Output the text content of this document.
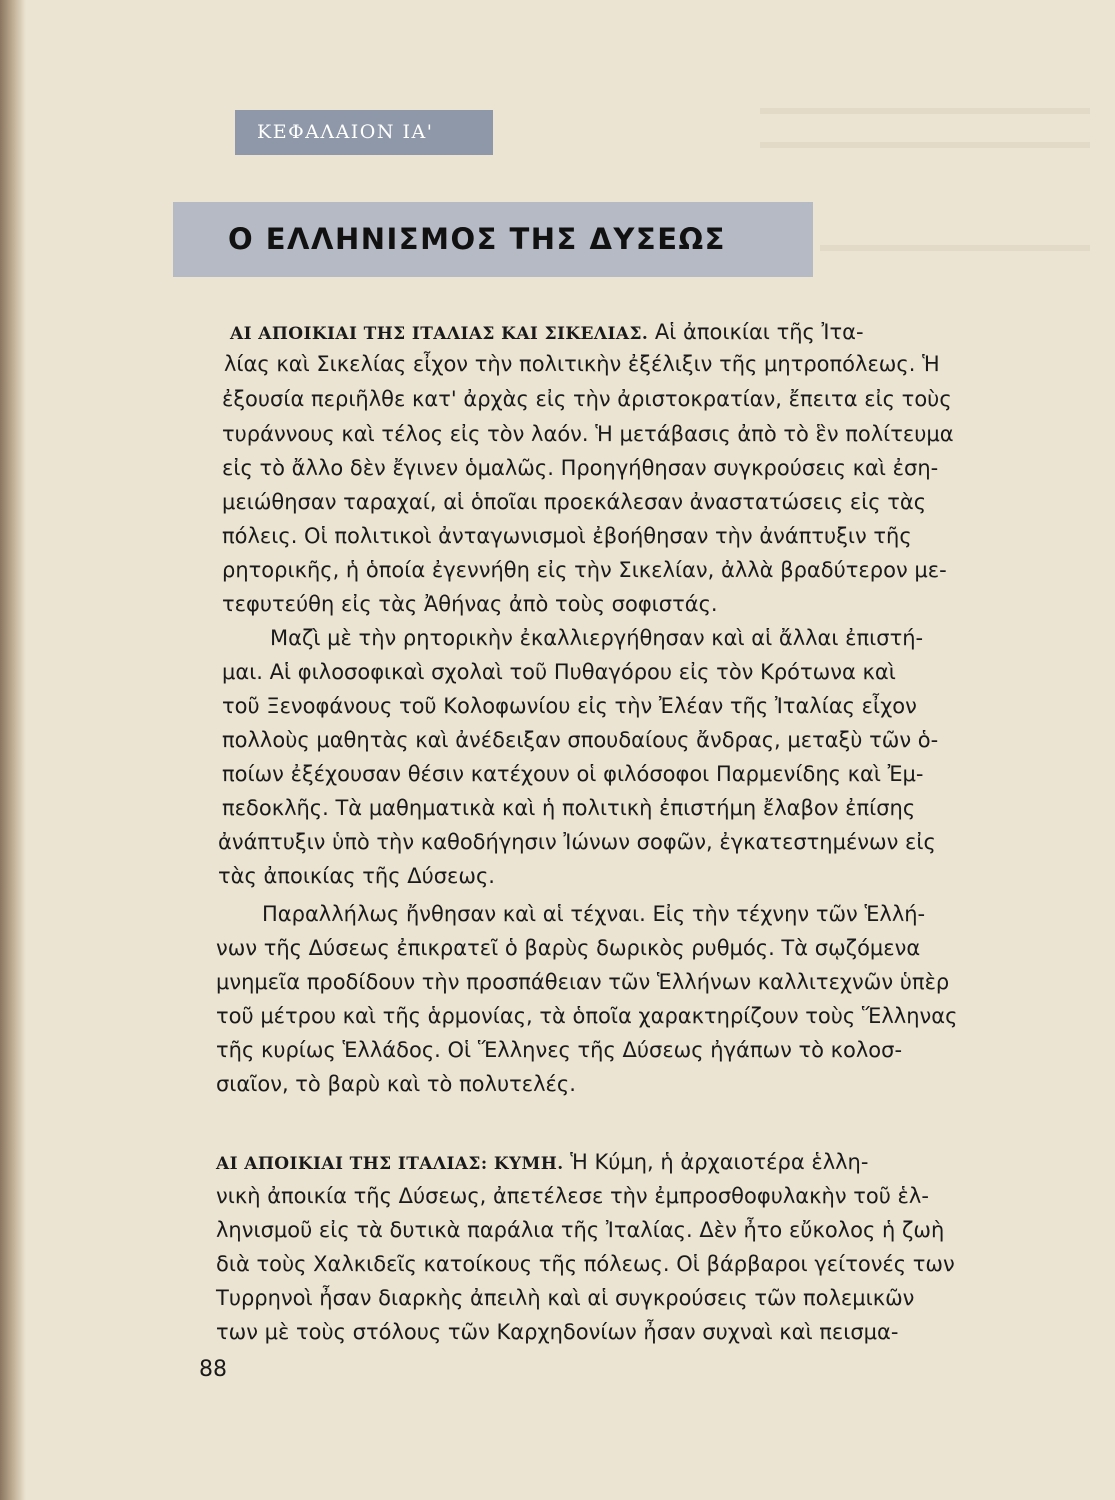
ΚΕΦΑΛΑΙΟΝ ΙΑ'
Ο ΕΛΛΗΝΙΣΜΟΣ ΤΗΣ ΔΥΣΕΩΣ
ΑΙ ΑΠΟΙΚΙΑΙ ΤΗΣ ΙΤΑΛΙΑΣ ΚΑΙ ΣΙΚΕΛΙΑΣ. Αἱ ἀποικίαι τῆς Ἰτα-
λίας καὶ Σικελίας εἶχον τὴν πολιτικὴν ἐξέλιξιν τῆς μητροπόλεως. Ἡ
ἐξουσία περιῆλθε κατ' ἀρχὰς εἰς τὴν ἀριστοκρατίαν, ἔπειτα εἰς τοὺς
τυράννους καὶ τέλος εἰς τὸν λαόν. Ἡ μετάβασις ἀπὸ τὸ ἓν πολίτευμα
εἰς τὸ ἄλλο δὲν ἔγινεν ὁμαλῶς. Προηγήθησαν συγκρούσεις καὶ ἐση-
μειώθησαν ταραχαί, αἱ ὁποῖαι προεκάλεσαν ἀναστατώσεις εἰς τὰς
πόλεις. Οἱ πολιτικοὶ ἀνταγωνισμοὶ ἐβοήθησαν τὴν ἀνάπτυξιν τῆς
ρητορικῆς, ἡ ὁποία ἐγεννήθη εἰς τὴν Σικελίαν, ἀλλὰ βραδύτερον με-
τεφυτεύθη εἰς τὰς Ἀθήνας ἀπὸ τοὺς σοφιστάς.
Μαζὶ μὲ τὴν ρητορικὴν ἐκαλλιεργήθησαν καὶ αἱ ἄλλαι ἐπιστή-
μαι. Αἱ φιλοσοφικαὶ σχολαὶ τοῦ Πυθαγόρου εἰς τὸν Κρότωνα καὶ
τοῦ Ξενοφάνους τοῦ Κολοφωνίου εἰς τὴν Ἐλέαν τῆς Ἰταλίας εἶχον
πολλοὺς μαθητὰς καὶ ἀνέδειξαν σπουδαίους ἄνδρας, μεταξὺ τῶν ὁ-
ποίων ἐξέχουσαν θέσιν κατέχουν οἱ φιλόσοφοι Παρμενίδης καὶ Ἐμ-
πεδοκλῆς. Τὰ μαθηματικὰ καὶ ἡ πολιτικὴ ἐπιστήμη ἔλαβον ἐπίσης
ἀνάπτυξιν ὑπὸ τὴν καθοδήγησιν Ἰώνων σοφῶν, ἐγκατεστημένων εἰς
τὰς ἀποικίας τῆς Δύσεως.
Παραλλήλως ἤνθησαν καὶ αἱ τέχναι. Εἰς τὴν τέχνην τῶν Ἑλλή-
νων τῆς Δύσεως ἐπικρατεῖ ὁ βαρὺς δωρικὸς ρυθμός. Τὰ σῳζόμενα
μνημεῖα προδίδουν τὴν προσπάθειαν τῶν Ἑλλήνων καλλιτεχνῶν ὑπὲρ
τοῦ μέτρου καὶ τῆς ἁρμονίας, τὰ ὁποῖα χαρακτηρίζουν τοὺς Ἕλληνας
τῆς κυρίως Ἑλλάδος. Οἱ Ἕλληνες τῆς Δύσεως ἠγάπων τὸ κολοσ-
σιαῖον, τὸ βαρὺ καὶ τὸ πολυτελές.
ΑΙ ΑΠΟΙΚΙΑΙ ΤΗΣ ΙΤΑΛΙΑΣ: ΚΥΜΗ. Ἡ Κύμη, ἡ ἀρχαιοτέρα ἑλλη-
νικὴ ἀποικία τῆς Δύσεως, ἀπετέλεσε τὴν ἐμπροσθοφυλακὴν τοῦ ἑλ-
ληνισμοῦ εἰς τὰ δυτικὰ παράλια τῆς Ἰταλίας. Δὲν ἦτο εὔκολος ἡ ζωὴ
διὰ τοὺς Χαλκιδεῖς κατοίκους τῆς πόλεως. Οἱ βάρβαροι γείτονές των
Τυρρηνοὶ ἦσαν διαρκὴς ἀπειλὴ καὶ αἱ συγκρούσεις τῶν πολεμικῶν
των μὲ τοὺς στόλους τῶν Καρχηδονίων ἦσαν συχναὶ καὶ πεισμα-
88
